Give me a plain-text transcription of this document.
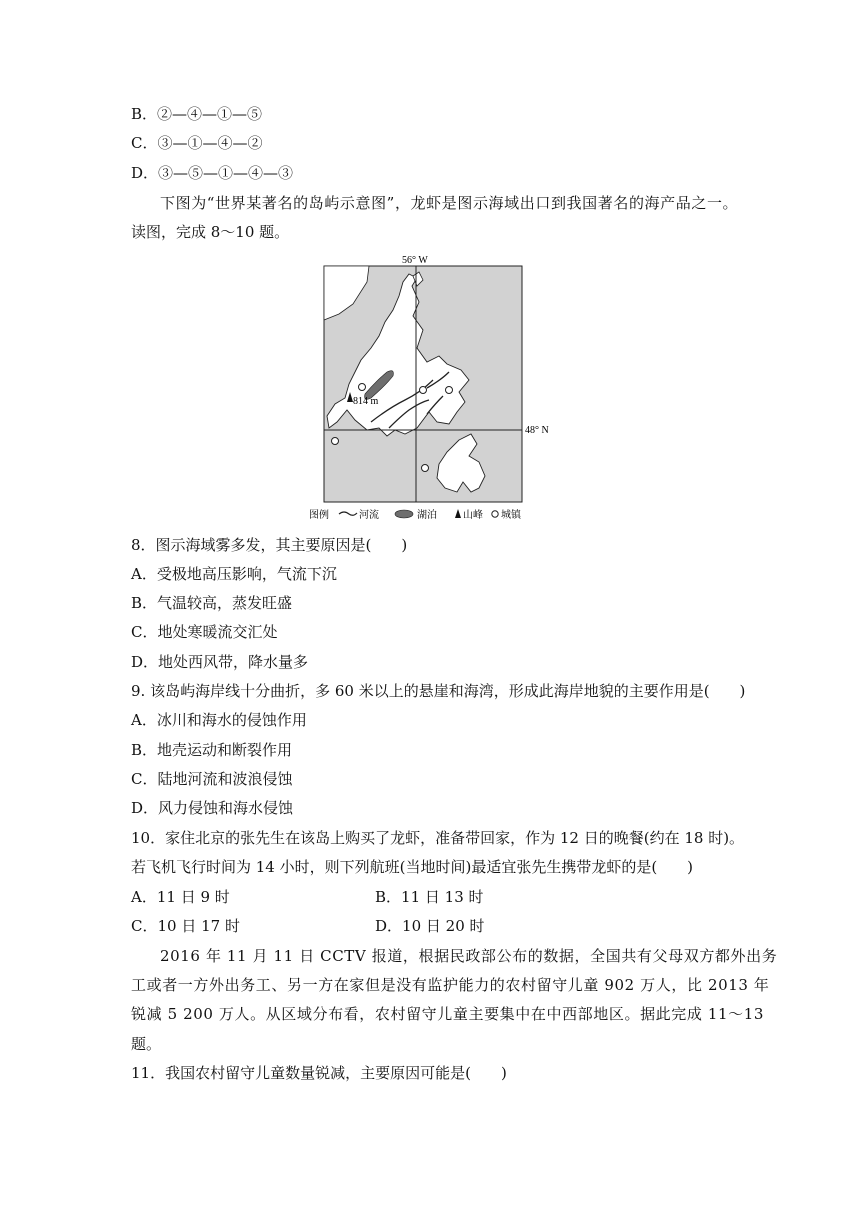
B．②—④—①—⑤
C．③—①—④—②
D．③—⑤—①—④—③
下图为“世界某著名的岛屿示意图”，龙虾是图示海域出口到我国著名的海产品之一。
读图，完成 8～10 题。
814 m
56° W
48° N
图例	河流	湖泊	山峰 城镇
8．图示海域雾多发，其主要原因是(　　)
A．受极地高压影响，气流下沉
B．气温较高，蒸发旺盛
C．地处寒暖流交汇处
D．地处西风带，降水量多
9. 该岛屿海岸线十分曲折，多 60 米以上的悬崖和海湾，形成此海岸地貌的主要作用是(　　)
A．冰川和海水的侵蚀作用
B．地壳运动和断裂作用
C．陆地河流和波浪侵蚀
D．风力侵蚀和海水侵蚀
10．家住北京的张先生在该岛上购买了龙虾，准备带回家，作为 12 日的晚餐(约在 18 时)。
若飞机飞行时间为 14 小时，则下列航班(当地时间)最适宜张先生携带龙虾的是(　　)
A．11 日 9 时	B．11 日 13 时
C．10 日 17 时	D．10 日 20 时
2016 年 11 月 11 日 CCTV 报道，根据民政部公布的数据，全国共有父母双方都外出务
工或者一方外出务工、另一方在家但是没有监护能力的农村留守儿童 902 万人，比 2013 年
锐减 5 200 万人。从区域分布看，农村留守儿童主要集中在中西部地区。据此完成 11～13
题。
11．我国农村留守儿童数量锐减，主要原因可能是(　　)
